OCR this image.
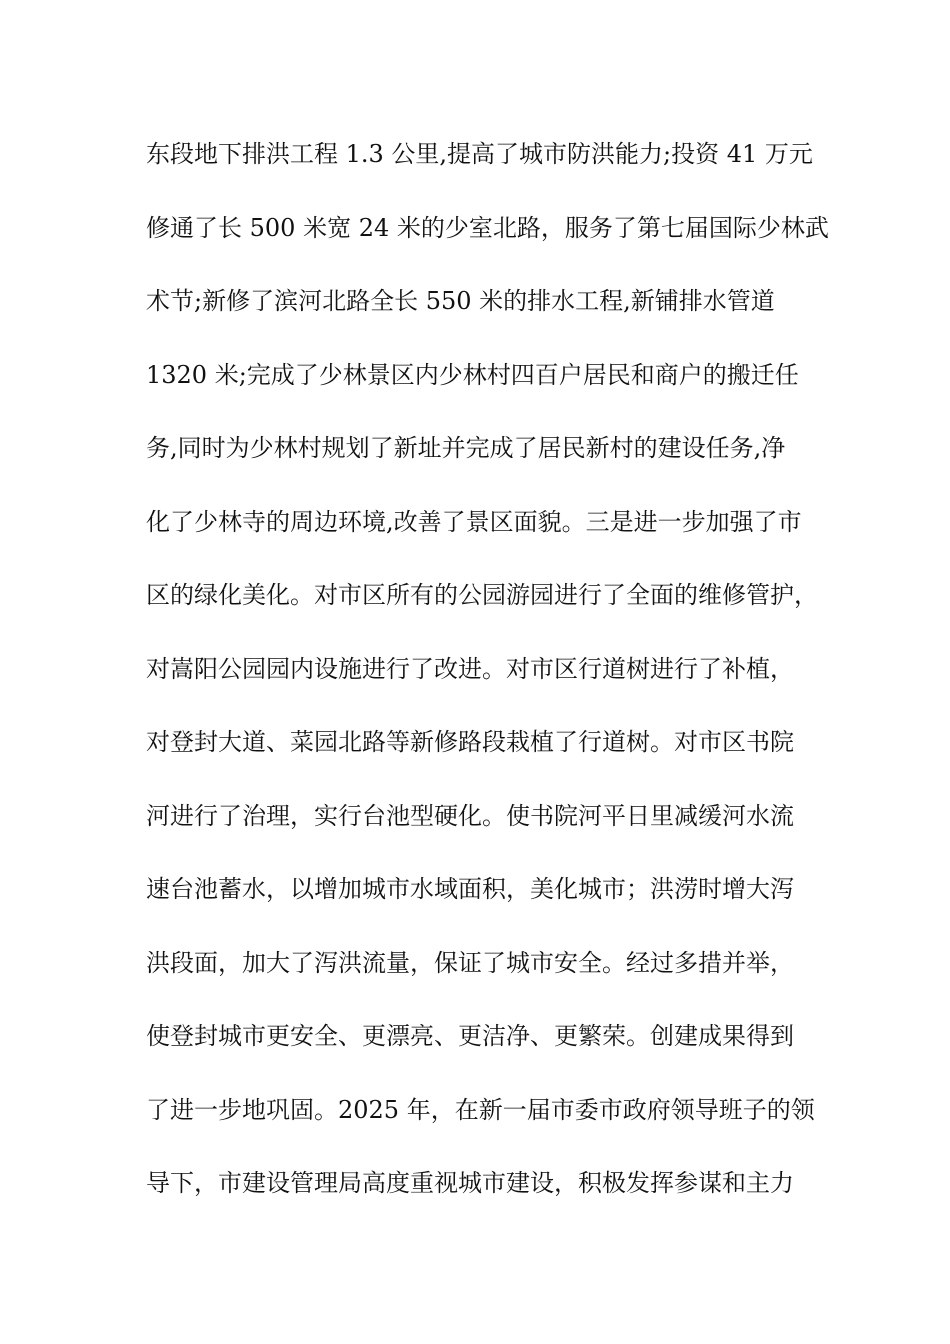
东段地下排洪工程 1.3 公里,提高了城市防洪能力;投资 41 万元
修通了长 500 米宽 24 米的少室北路，服务了第七届国际少林武
术节;新修了滨河北路全长 550 米的排水工程,新铺排水管道
1320 米;完成了少林景区内少林村四百户居民和商户的搬迁任
务,同时为少林村规划了新址并完成了居民新村的建设任务,净
化了少林寺的周边环境,改善了景区面貌。三是进一步加强了市
区的绿化美化。对市区所有的公园游园进行了全面的维修管护，
对嵩阳公园园内设施进行了改进。对市区行道树进行了补植，
对登封大道、菜园北路等新修路段栽植了行道树。对市区书院
河进行了治理，实行台池型硬化。使书院河平日里减缓河水流
速台池蓄水，以增加城市水域面积，美化城市；洪涝时增大泻
洪段面，加大了泻洪流量，保证了城市安全。经过多措并举，
使登封城市更安全、更漂亮、更洁净、更繁荣。创建成果得到
了进一步地巩固。2025 年，在新一届市委市政府领导班子的领
导下，市建设管理局高度重视城市建设，积极发挥参谋和主力
